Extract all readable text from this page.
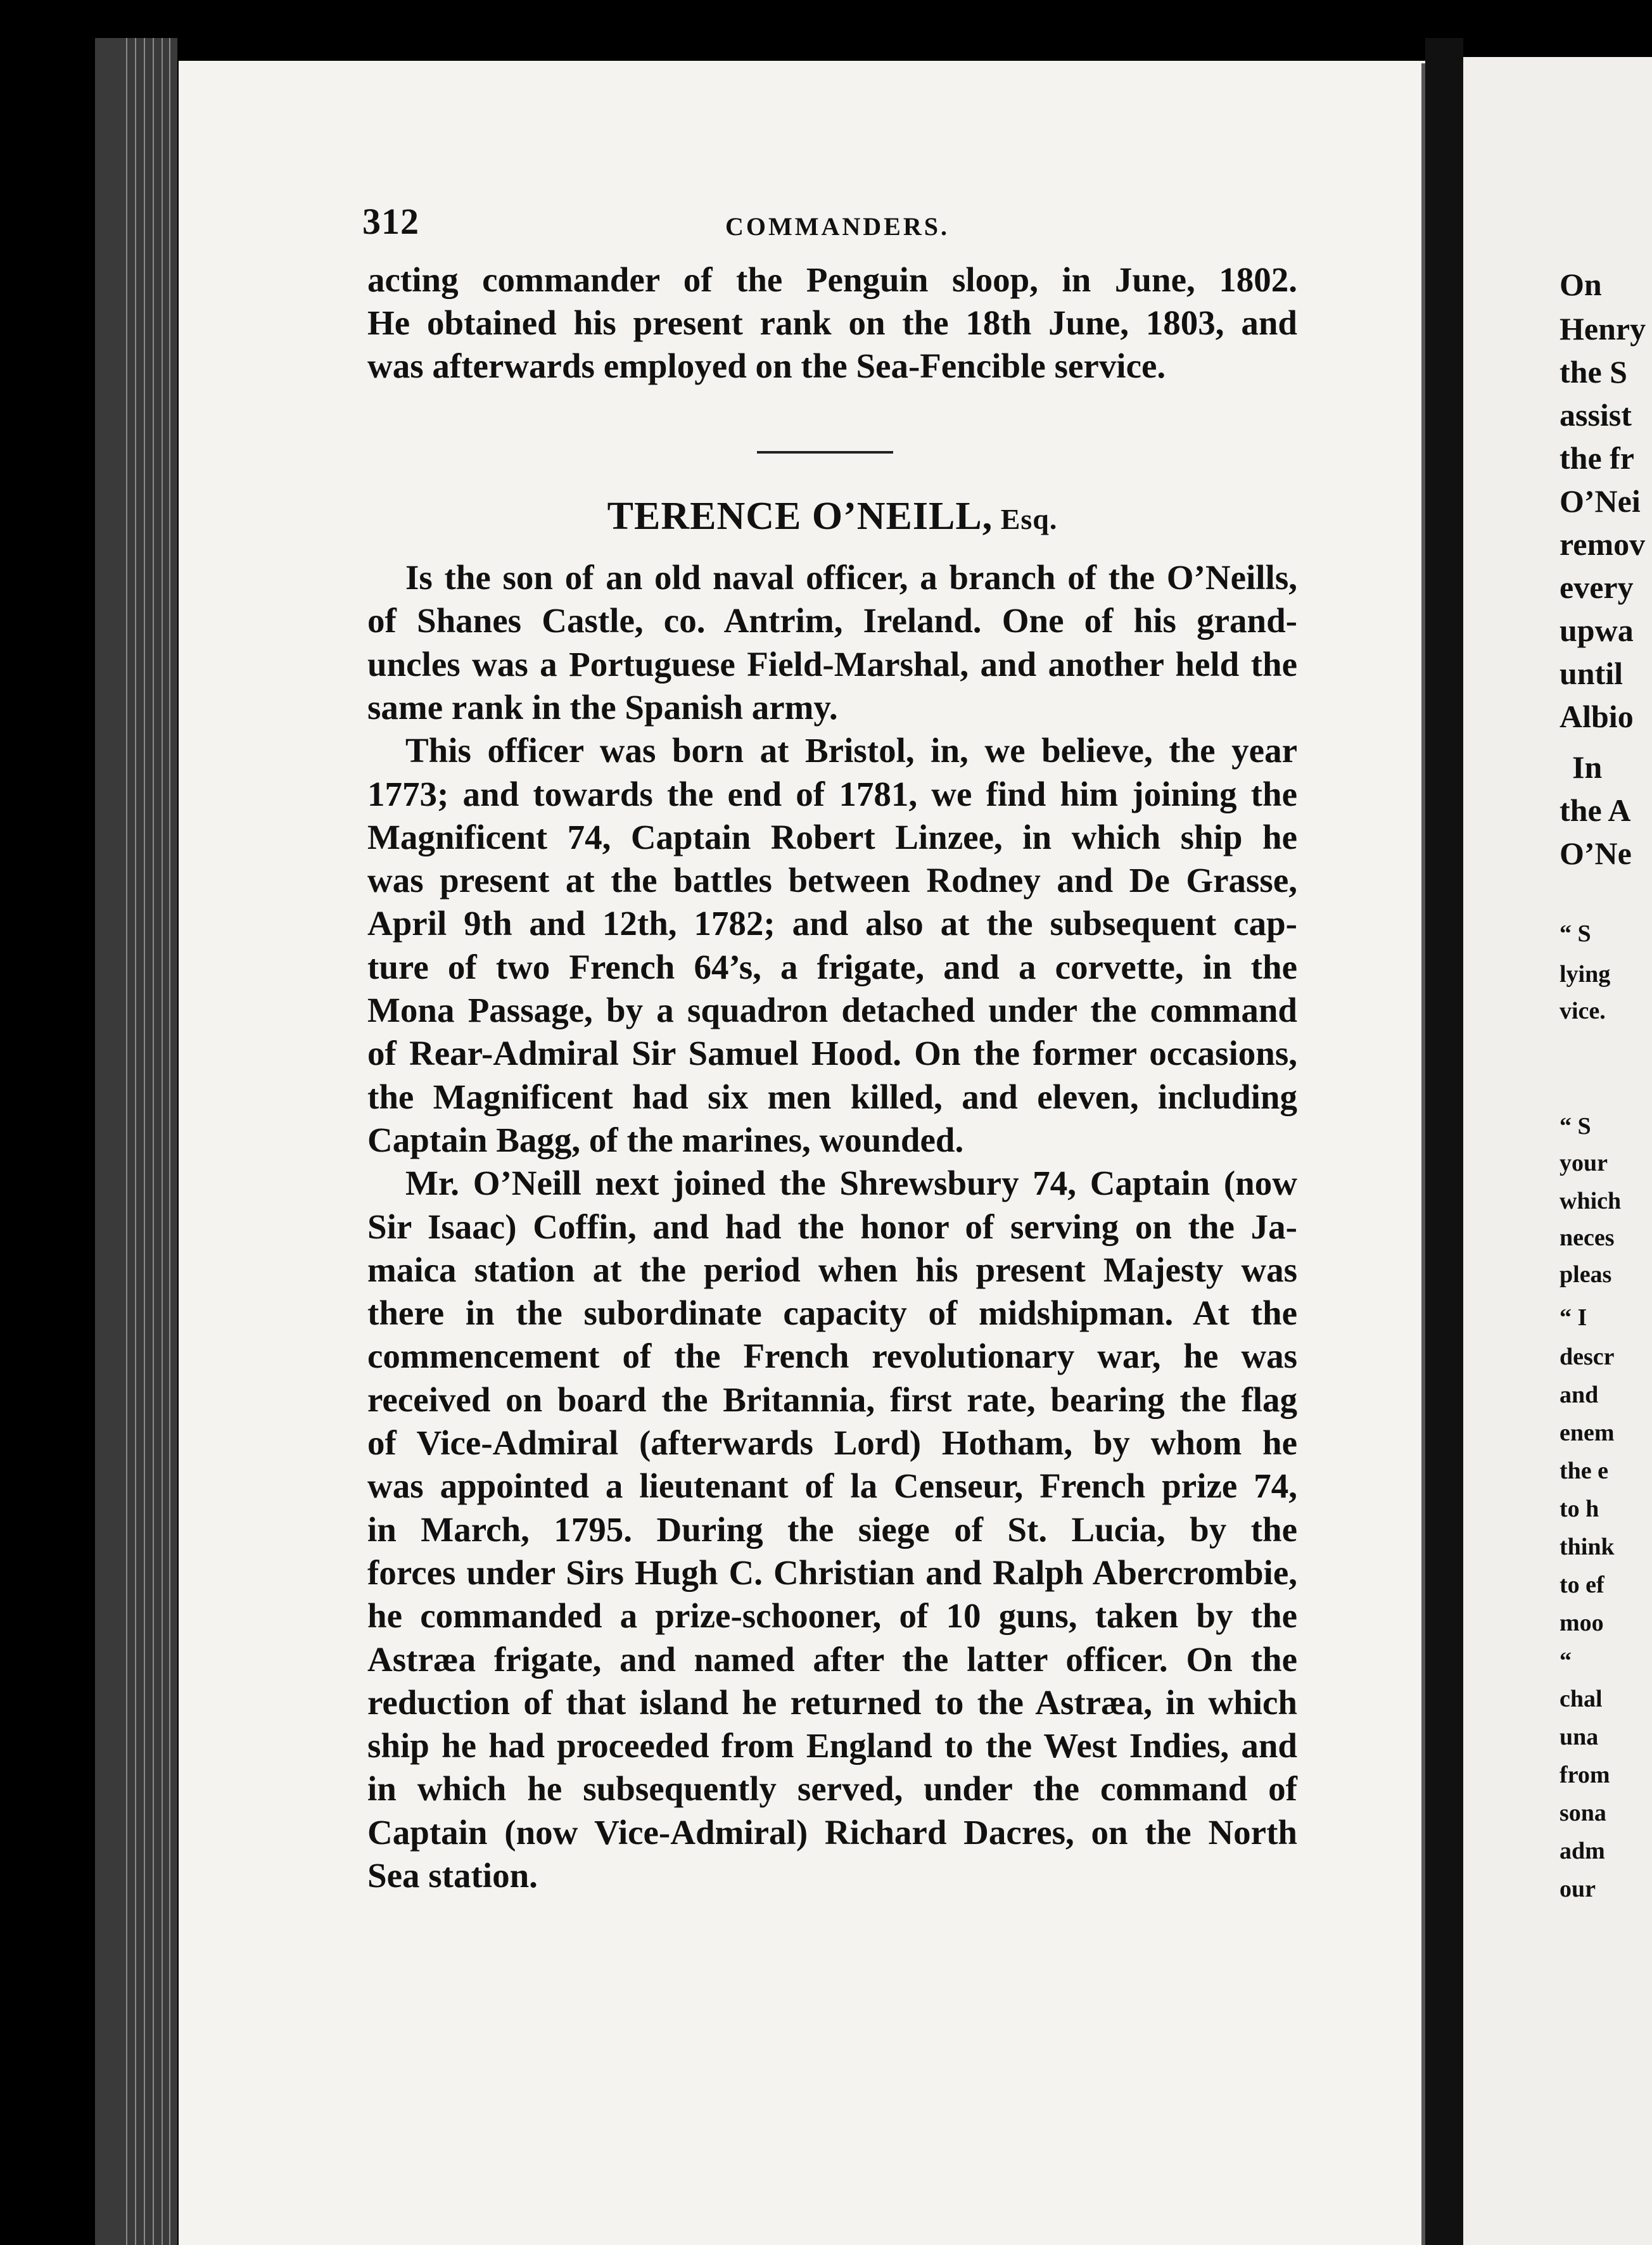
312	COMMANDERS.
acting commander of the Penguin sloop, in June, 1802.
He obtained his present rank on the 18th June, 1803, and
was afterwards employed on the Sea-Fencible service.
TERENCE O’NEILL, Esq.
Is the son of an old naval officer, a branch of the O’Neills,
of Shanes Castle, co. Antrim, Ireland. One of his grand-
uncles was a Portuguese Field-Marshal, and another held the
same rank in the Spanish army.
This officer was born at Bristol, in, we believe, the year
1773; and towards the end of 1781, we find him joining the
Magnificent 74, Captain Robert Linzee, in which ship he
was present at the battles between Rodney and De Grasse,
April 9th and 12th, 1782; and also at the subsequent cap-
ture of two French 64’s, a frigate, and a corvette, in the
Mona Passage, by a squadron detached under the command
of Rear-Admiral Sir Samuel Hood. On the former occasions,
the Magnificent had six men killed, and eleven, including
Captain Bagg, of the marines, wounded.
Mr. O’Neill next joined the Shrewsbury 74, Captain (now
Sir Isaac) Coffin, and had the honor of serving on the Ja-
maica station at the period when his present Majesty was
there in the subordinate capacity of midshipman. At the
commencement of the French revolutionary war, he was
received on board the Britannia, first rate, bearing the flag
of Vice-Admiral (afterwards Lord) Hotham, by whom he
was appointed a lieutenant of la Censeur, French prize 74,
in March, 1795. During the siege of St. Lucia, by the
forces under Sirs Hugh C. Christian and Ralph Abercrombie,
he commanded a prize-schooner, of 10 guns, taken by the
Astræa frigate, and named after the latter officer. On the
reduction of that island he returned to the Astræa, in which
ship he had proceeded from England to the West Indies, and
in which he subsequently served, under the command of
Captain (now Vice-Admiral) Richard Dacres, on the North
Sea station.
On
Henry
the S
assist
the fr
O’Nei
remov
every
upwa
until
Albio
In
the A
O’Ne
“ S
lying
vice.
“ S
your
which
neces
pleas
“ I
descr
and
enem
the e
to h
think
to ef
moo
“
chal
una
from
sona
adm
our
